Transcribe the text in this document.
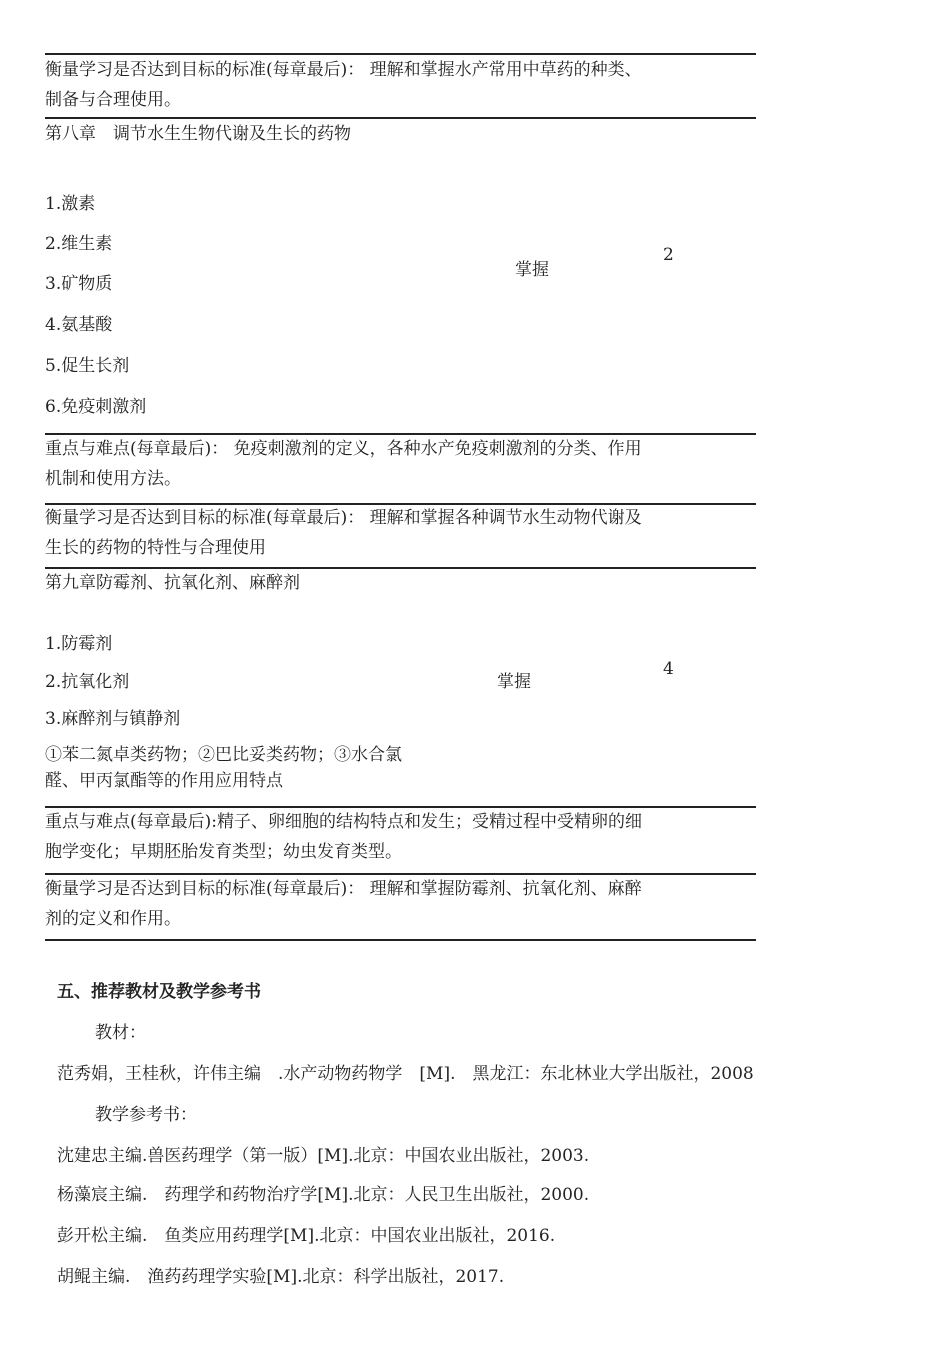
衡量学习是否达到目标的标准(每章最后)： 理解和掌握水产常用中草药的种类、
制备与合理使用。
第八章　调节水生生物代谢及生长的药物
1.激素
2.维生素
3.矿物质
4.氨基酸
5.促生长剂
6.免疫刺激剂
掌握
2
重点与难点(每章最后)： 免疫刺激剂的定义，各种水产免疫刺激剂的分类、作用
机制和使用方法。
衡量学习是否达到目标的标准(每章最后)： 理解和掌握各种调节水生动物代谢及
生长的药物的特性与合理使用
第九章防霉剂、抗氧化剂、麻醉剂
1.防霉剂
2.抗氧化剂
3.麻醉剂与镇静剂
①苯二氮卓类药物；②巴比妥类药物；③水合氯
醛、甲丙氯酯等的作用应用特点
掌握
4
重点与难点(每章最后):精子、卵细胞的结构特点和发生；受精过程中受精卵的细
胞学变化；早期胚胎发育类型；幼虫发育类型。
衡量学习是否达到目标的标准(每章最后)： 理解和掌握防霉剂、抗氧化剂、麻醉
剂的定义和作用。
五、推荐教材及教学参考书
教材：
范秀娟，王桂秋，许伟主编　.水产动物药物学　[M].　黑龙江：东北林业大学出版社，2008
教学参考书：
沈建忠主编.兽医药理学（第一版）[M].北京：中国农业出版社，2003.
杨藻宸主编.　药理学和药物治疗学[M].北京：人民卫生出版社，2000.
彭开松主编.　鱼类应用药理学[M].北京：中国农业出版社，2016.
胡鲲主编.　渔药药理学实验[M].北京：科学出版社，2017.
